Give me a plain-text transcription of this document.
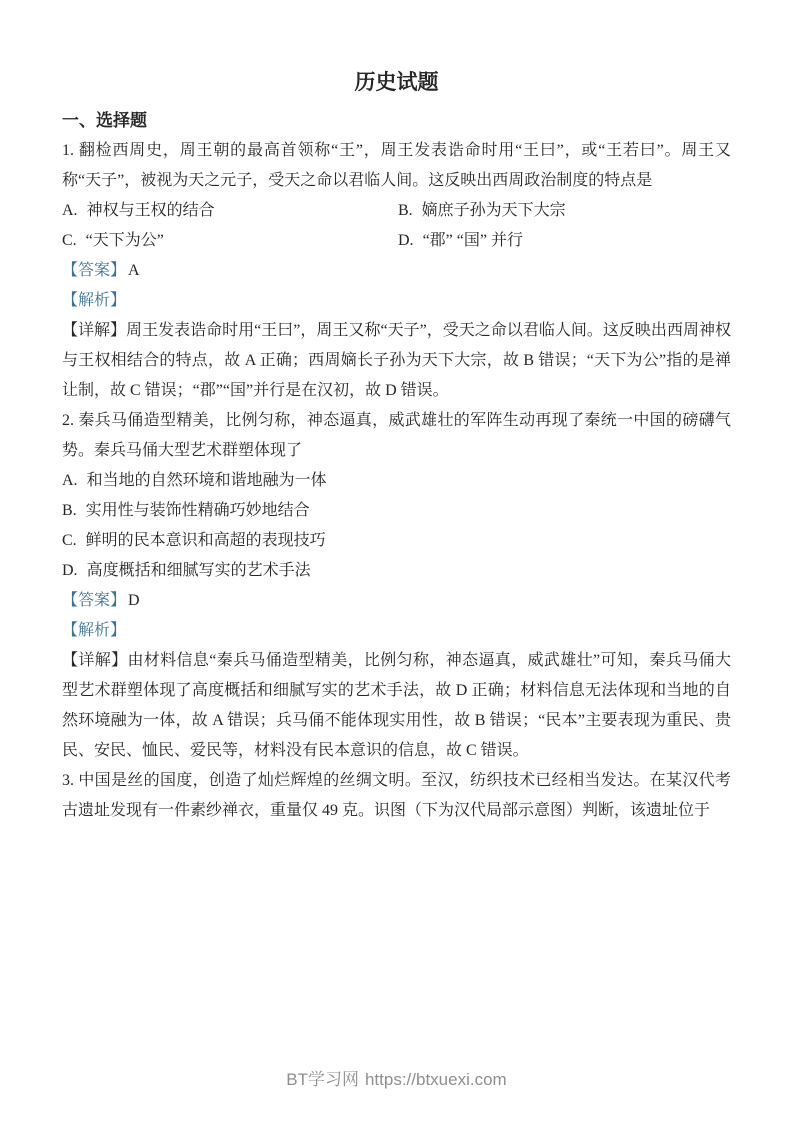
历史试题
一、选择题

1. 翻检西周史，周王朝的最高首领称“王”，周王发表诰命时用“王曰”，或“王若曰”。周王又称“天子”，被视为天之元子，受天之命以君临人间。这反映出西周政治制度的特点是

A. 神权与王权的结合	B. 嫡庶子孙为天下大宗
C. “天下为公”	D. “郡” “国” 并行

【答案】 A

【解析】

【详解】周王发表诰命时用“王曰”，周王又称“天子”，受天之命以君临人间。这反映出西周神权与王权相结合的特点，故 A 正确；西周嫡长子孙为天下大宗，故 B 错误；“天下为公”指的是禅让制，故 C 错误；“郡”“国”并行是在汉初，故 D 错误。

2. 秦兵马俑造型精美，比例匀称，神态逼真，威武雄壮的军阵生动再现了秦统一中国的磅礴气势。秦兵马俑大型艺术群塑体现了

A. 和当地的自然环境和谐地融为一体
B. 实用性与装饰性精确巧妙地结合
C. 鲜明的民本意识和高超的表现技巧
D. 高度概括和细腻写实的艺术手法

【答案】 D

【解析】

【详解】由材料信息“秦兵马俑造型精美，比例匀称，神态逼真，威武雄壮”可知，秦兵马俑大型艺术群塑体现了高度概括和细腻写实的艺术手法，故 D 正确；材料信息无法体现和当地的自然环境融为一体，故 A 错误；兵马俑不能体现实用性，故 B 错误；“民本”主要表现为重民、贵民、安民、恤民、爱民等，材料没有民本意识的信息，故 C 错误。

3. 中国是丝的国度，创造了灿烂辉煌的丝绸文明。至汉，纺织技术已经相当发达。在某汉代考古遗址发现有一件素纱禅衣，重量仅 49 克。识图（下为汉代局部示意图）判断，该遗址位于

BT学习网 https://btxuexi.com
